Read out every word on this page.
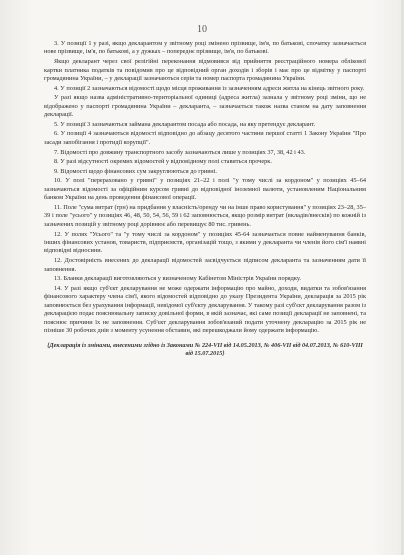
10

3. У позиції 1 у разі, якщо декларантом у звітному році змінено прізвище, ім'я, по батькові, спочатку зазначається нове прізвище, ім'я, по батькові, а у дужках – попереднє прізвище, ім'я, по батькові.

Якщо декларант через свої релігійні переконання відмовився від прийняття реєстраційного номера облікової картки платника податків та повідомив про це відповідний орган доходів і зборів і має про це відмітку у паспорті громадянина України, – у декларації зазначаються серія та номер паспорта громадянина України.

4. У позиції 2 зазначаються відомості щодо місця проживання із зазначенням адреси житла на кінець звітного року.

У разі якщо назва адміністративно-територіальної одиниці (адреса житла) зазнала у звітному році зміни, що не відображено у паспорті громадянина України – декларанта, – зазначається також назва станом на дату заповнення декларації.

5. У позиції 3 зазначаються займана декларантом посада або посада, на яку претендує декларант.

6. У позиції 4 зазначаються відомості відповідно до абзацу десятого частини першої статті 1 Закону України "Про засади запобігання і протидії корупції".

7. Відомості про довжину транспортного засобу зазначаються лише у позиціях 37, 38, 42 і 43.

8. У разі відсутності окремих відомостей у відповідному полі ставиться прочерк.

9. Відомості щодо фінансових сум закруглюються до гривні.

10. У полі "перераховано у гривні" у позиціях 21–22 і полі "у тому числі за кордоном" у позиціях 45–64 зазначаються відомості за офіційним курсом гривні до відповідної іноземної валюти, установленим Національним банком України на день проведення фінансової операції.

11. Поле "сума витрат (грн) на придбання у власність/оренду чи на інше право користування" у позиціях 23–28, 35–39 і поле "усього" у позиціях 46, 48, 50, 54, 56, 59 і 62 заповнюється, якщо розмір витрат (вкладів/внесків) по кожній із зазначених позицій у звітному році дорівнює або перевищує 80 тис. гривень.

12. У полях "Усього" та "у тому числі за кордоном" у позиціях 45-64 зазначається повне найменування банків, інших фінансових установ, товариств, підприємств, організацій тощо, з якими у декларанта чи членів його сім'ї наявні відповідні відносини.

12. Достовірність внесених до декларації відомостей засвідчується підписом декларанта та зазначенням дати її заповнення.

13. Бланки декларації виготовляються у визначеному Кабінетом Міністрів України порядку.

14. У разі якщо суб'єкт декларування не може одержати інформацію про майно, доходи, видатки та зобов'язання фінансового характеру члена сім'ї, якого відомостей відповідно до указу Президента України, декларація за 2015 рік заповнюється без урахування інформації, невідомої суб'єкту декларування. У такому разі суб'єкт декларування разом із декларацією подає пояснювальну записку довільної форми, в якій зазначає, які саме позиції декларації не заповнені, та пояснює причини їх не заповнення. Суб'єкт декларування зобов'язаний подати уточнену декларацію за 2015 рік не пізніше 30 робочих днів з моменту усунення обставин, які перешкоджали йому одержати інформацію.

{Декларація із змінами, внесеними згідно із Законами № 224-VII від 14.05.2013, № 406-VII від 04.07.2013, № 610-VIII від 15.07.2015}
